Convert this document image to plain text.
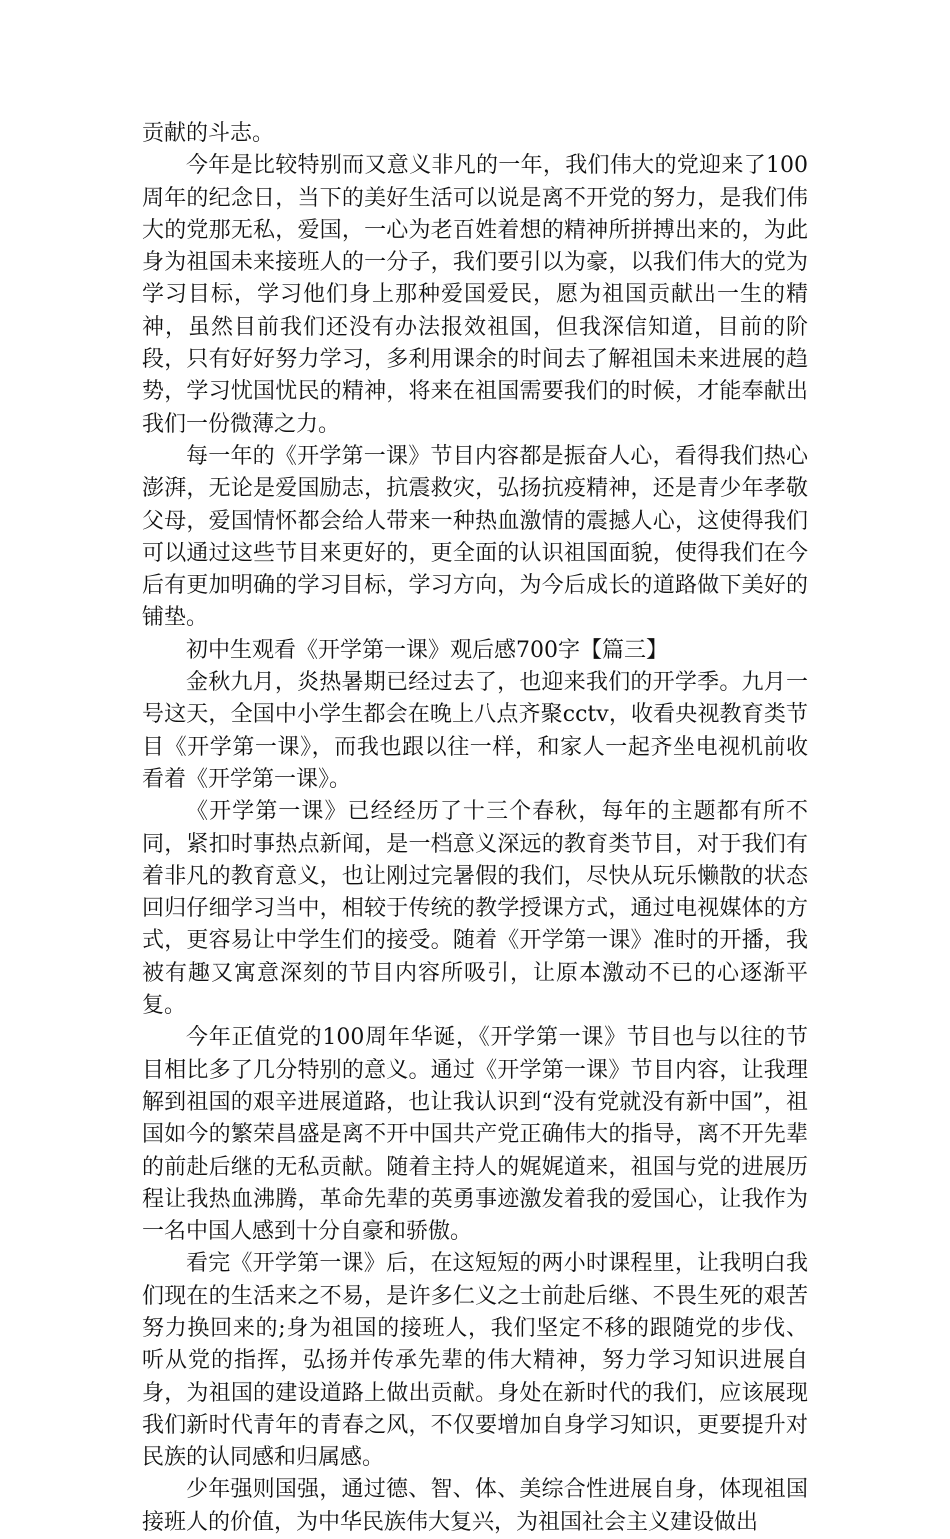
贡献的斗志。

今年是比较特别而又意义非凡的一年，我们伟大的党迎来了100周年的纪念日，当下的美好生活可以说是离不开党的努力，是我们伟大的党那无私，爱国，一心为老百姓着想的精神所拼搏出来的，为此身为祖国未来接班人的一分子，我们要引以为豪，以我们伟大的党为学习目标，学习他们身上那种爱国爱民，愿为祖国贡献出一生的精神，虽然目前我们还没有办法报效祖国，但我深信知道，目前的阶段，只有好好努力学习，多利用课余的时间去了解祖国未来进展的趋势，学习忧国忧民的精神，将来在祖国需要我们的时候，才能奉献出我们一份微薄之力。

每一年的《开学第一课》节目内容都是振奋人心，看得我们热心澎湃，无论是爱国励志，抗震救灾，弘扬抗疫精神，还是青少年孝敬父母，爱国情怀都会给人带来一种热血激情的震撼人心，这使得我们可以通过这些节目来更好的，更全面的认识祖国面貌，使得我们在今后有更加明确的学习目标，学习方向，为今后成长的道路做下美好的铺垫。

初中生观看《开学第一课》观后感700字【篇三】

金秋九月，炎热暑期已经过去了，也迎来我们的开学季。九月一号这天，全国中小学生都会在晚上八点齐聚cctv，收看央视教育类节目《开学第一课》，而我也跟以往一样，和家人一起齐坐电视机前收看着《开学第一课》。

《开学第一课》已经经历了十三个春秋，每年的主题都有所不同，紧扣时事热点新闻，是一档意义深远的教育类节目，对于我们有着非凡的教育意义，也让刚过完暑假的我们，尽快从玩乐懒散的状态回归仔细学习当中，相较于传统的教学授课方式，通过电视媒体的方式，更容易让中学生们的接受。随着《开学第一课》准时的开播，我被有趣又寓意深刻的节目内容所吸引，让原本激动不已的心逐渐平复。

今年正值党的100周年华诞，《开学第一课》节目也与以往的节目相比多了几分特别的意义。通过《开学第一课》节目内容，让我理解到祖国的艰辛进展道路，也让我认识到“没有党就没有新中国”，祖国如今的繁荣昌盛是离不开中国共产党正确伟大的指导，离不开先辈的前赴后继的无私贡献。随着主持人的娓娓道来，祖国与党的进展历程让我热血沸腾，革命先辈的英勇事迹激发着我的爱国心，让我作为一名中国人感到十分自豪和骄傲。

看完《开学第一课》后，在这短短的两小时课程里，让我明白我们现在的生活来之不易，是许多仁义之士前赴后继、不畏生死的艰苦努力换回来的;身为祖国的接班人，我们坚定不移的跟随党的步伐、听从党的指挥，弘扬并传承先辈的伟大精神，努力学习知识进展自身，为祖国的建设道路上做出贡献。身处在新时代的我们，应该展现我们新时代青年的青春之风，不仅要增加自身学习知识，更要提升对民族的认同感和归属感。

少年强则国强，通过德、智、体、美综合性进展自身，体现祖国接班人的价值，为中华民族伟大复兴，为祖国社会主义建设做出
